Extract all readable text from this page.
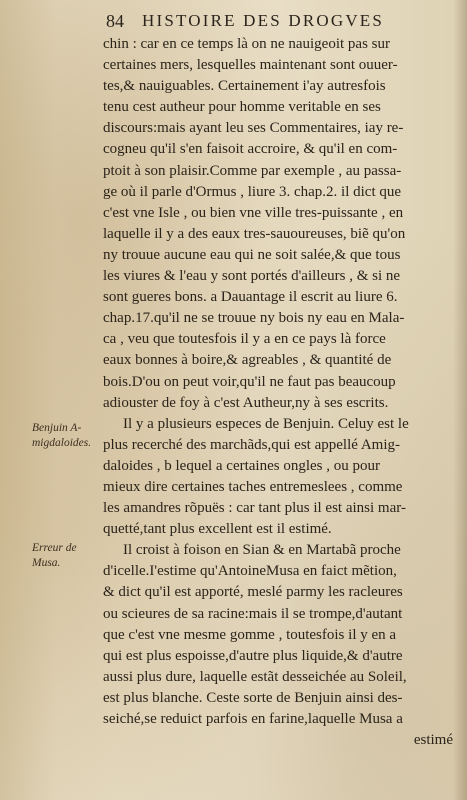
84 HISTOIRE DES DROGVES
Benjuin A-
migdaloides.
Erreur de
Musa.
chin : car en ce temps là on ne nauigeoit pas sur
certaines mers, lesquelles maintenant sont ouuer-
tes,& nauiguables. Certainement i'ay autresfois
tenu cest autheur pour homme veritable en ses
discours:mais ayant leu ses Commentaires, iay re-
cogneu qu'il s'en faisoit accroire, & qu'il en com-
ptoit à son plaisir.Comme par exemple , au passa-
ge où il parle d'Ormus , liure 3. chap.2. il dict que
c'est vne Isle , ou bien vne ville tres-puissante , en
laquelle il y a des eaux tres-sauoureuses, biẽ qu'on
ny trouue aucune eau qui ne soit salée,& que tous
les viures & l'eau y sont portés d'ailleurs , & si ne
sont gueres bons. a Dauantage il escrit au liure 6.
chap.17.qu'il ne se trouue ny bois ny eau en Mala-
ca , veu que toutesfois il y a en ce pays là force
eaux bonnes à boire,& agreables , & quantité de
bois.D'ou on peut voir,qu'il ne faut pas beaucoup
adiouster de foy à c'est Autheur,ny à ses escrits.
Il y a plusieurs especes de Benjuin. Celuy est le
plus recerché des marchãds,qui est appellé Amig-
daloides , b lequel a certaines ongles , ou pour
mieux dire certaines taches entremeslees , comme
les amandres rõpuës : car tant plus il est ainsi mar-
quetté,tant plus excellent est il estimé.
Il croist à foison en Sian & en Martabã proche
d'icelle.I'estime qu'AntoineMusa en faict mẽtion,
& dict qu'il est apporté, meslé parmy les racleures
ou scieures de sa racine:mais il se trompe,d'autant
que c'est vne mesme gomme , toutesfois il y en a
qui est plus espoisse,d'autre plus liquide,& d'autre
aussi plus dure, laquelle estãt desseichée au Soleil,
est plus blanche. Ceste sorte de Benjuin ainsi des-
seiché,se reduict parfois en farine,laquelle Musa a
estimé
